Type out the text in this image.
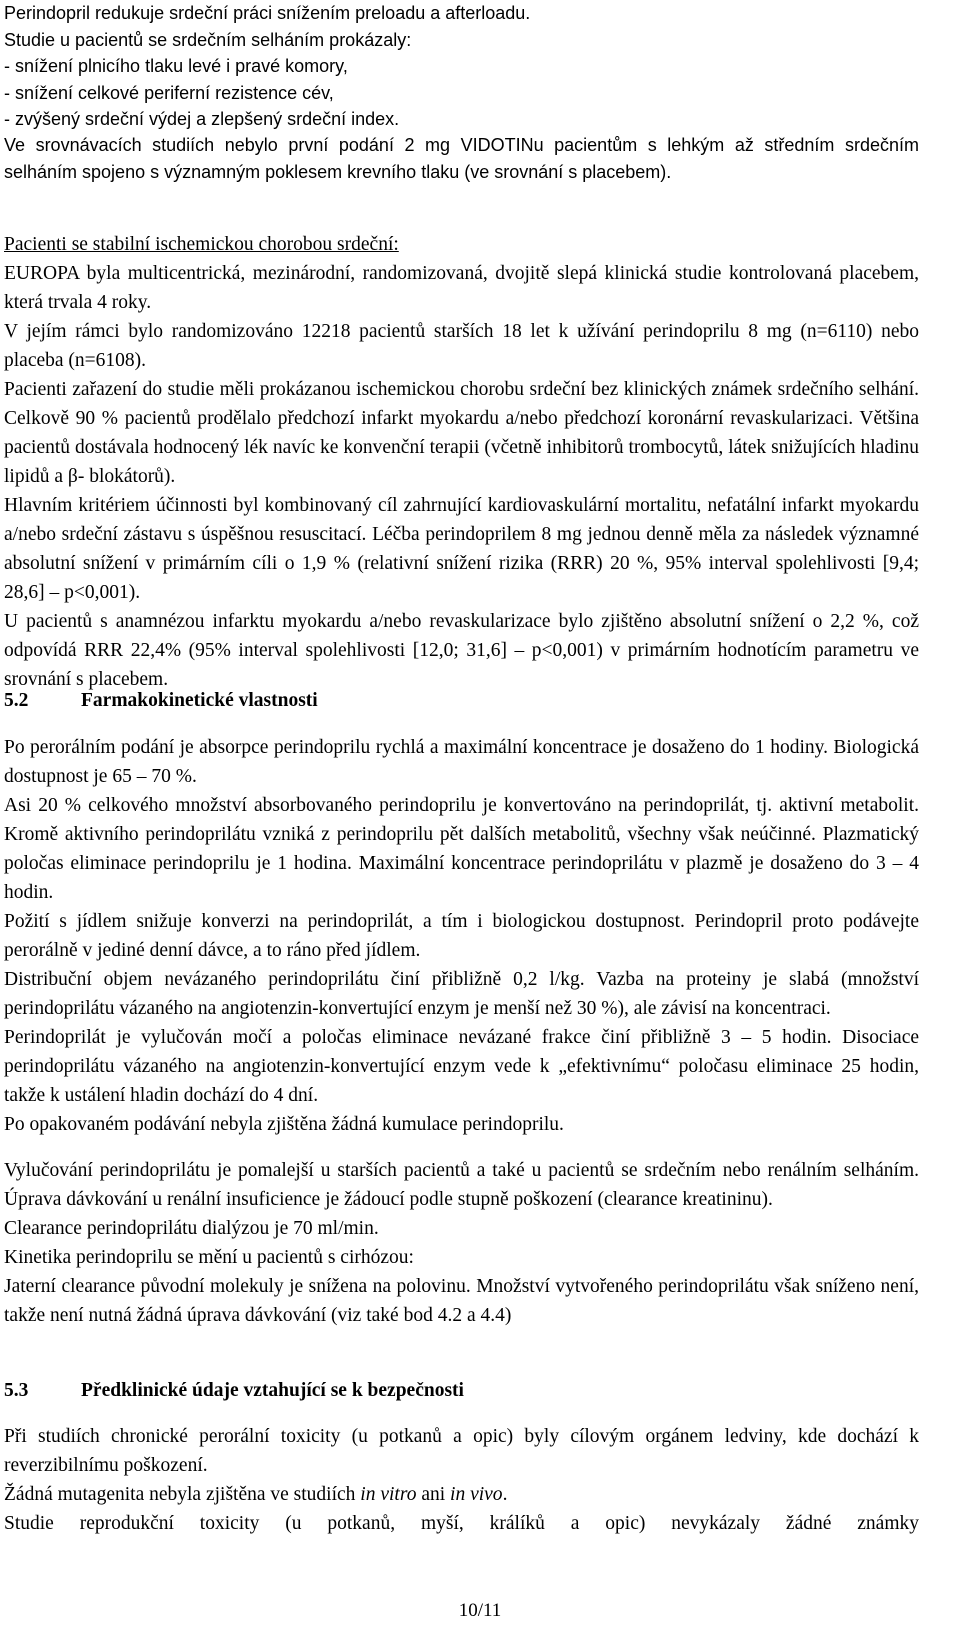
Perindopril redukuje srdeční práci snížením preloadu a afterloadu.

Studie u pacientů se srdečním selháním prokázaly:

- snížení plnicího tlaku levé i pravé komory,

- snížení celkové periferní rezistence cév,

- zvýšený srdeční výdej a zlepšený srdeční index.

Ve srovnávacích studiích nebylo první podání 2 mg VIDOTINu pacientům s lehkým až středním srdečním selháním spojeno s významným poklesem krevního tlaku (ve srovnání s placebem).

Pacienti se stabilní ischemickou chorobou srdeční:

EUROPA byla multicentrická, mezinárodní, randomizovaná, dvojitě slepá klinická studie kontrolovaná placebem, která trvala 4 roky.

V jejím rámci bylo randomizováno 12218 pacientů starších 18 let k užívání perindoprilu 8 mg (n=6110) nebo placeba (n=6108).

Pacienti zařazení do studie měli prokázanou ischemickou chorobu srdeční bez klinických známek srdečního selhání. Celkově 90 % pacientů prodělalo předchozí infarkt myokardu a/nebo předchozí koronární revaskularizaci. Většina pacientů dostávala hodnocený lék navíc ke konvenční terapii (včetně inhibitorů trombocytů, látek snižujících hladinu lipidů a β- blokátorů).

Hlavním kritériem účinnosti byl kombinovaný cíl zahrnující kardiovaskulární mortalitu, nefatální infarkt myokardu a/nebo srdeční zástavu s úspěšnou resuscitací. Léčba perindoprilem 8 mg jednou denně měla za následek významné absolutní snížení v primárním cíli o 1,9 % (relativní snížení rizika (RRR) 20 %, 95% interval spolehlivosti [9,4; 28,6] – p<0,001).

U pacientů s anamnézou infarktu myokardu a/nebo revaskularizace bylo zjištěno absolutní snížení o 2,2 %, což odpovídá RRR 22,4% (95% interval spolehlivosti [12,0; 31,6] – p<0,001) v primárním hodnotícím parametru ve srovnání s placebem.

5.2	Farmakokinetické vlastnosti

Po perorálním podání je absorpce perindoprilu rychlá a maximální koncentrace je dosaženo do 1 hodiny. Biologická dostupnost je 65 – 70 %.

Asi 20 % celkového množství absorbovaného perindoprilu je konvertováno na perindoprilát, tj. aktivní metabolit. Kromě aktivního perindoprilátu vzniká z perindoprilu pět dalších metabolitů, všechny však neúčinné. Plazmatický poločas eliminace perindoprilu je 1 hodina. Maximální koncentrace perindoprilátu v plazmě je dosaženo do 3 – 4 hodin.

Požití s jídlem snižuje konverzi na perindoprilát, a tím i biologickou dostupnost. Perindopril proto podávejte perorálně v jediné denní dávce, a to ráno před jídlem.

Distribuční objem nevázaného perindoprilátu činí přibližně 0,2 l/kg. Vazba na proteiny je slabá (množství perindoprilátu vázaného na angiotenzin-konvertující enzym je menší než 30 %), ale závisí na koncentraci.

Perindoprilát je vylučován močí a poločas eliminace nevázané frakce činí přibližně 3 – 5 hodin. Disociace perindoprilátu vázaného na angiotenzin-konvertující enzym vede k „efektivnímu“ poločasu eliminace 25 hodin, takže k ustálení hladin dochází do 4 dní.

Po opakovaném podávání nebyla zjištěna žádná kumulace perindoprilu.

Vylučování perindoprilátu je pomalejší u starších pacientů a také u pacientů se srdečním nebo renálním selháním. Úprava dávkování u renální insuficience je žádoucí podle stupně poškození (clearance kreatininu).

Clearance perindoprilátu dialýzou je 70 ml/min.

Kinetika perindoprilu se mění u pacientů s cirhózou:

Jaterní clearance původní molekuly je snížena na polovinu. Množství vytvořeného perindoprilátu však sníženo není, takže není nutná žádná úprava dávkování (viz také bod 4.2 a 4.4)

5.3	Předklinické údaje vztahující se k bezpečnosti

Při studiích chronické perorální toxicity (u potkanů a opic) byly cílovým orgánem ledviny, kde dochází k reverzibilnímu poškození.

Žádná mutagenita nebyla zjištěna ve studiích in vitro ani in vivo.

Studie reprodukční toxicity (u potkanů, myší, králíků a opic) nevykázaly žádné známky

10/11
